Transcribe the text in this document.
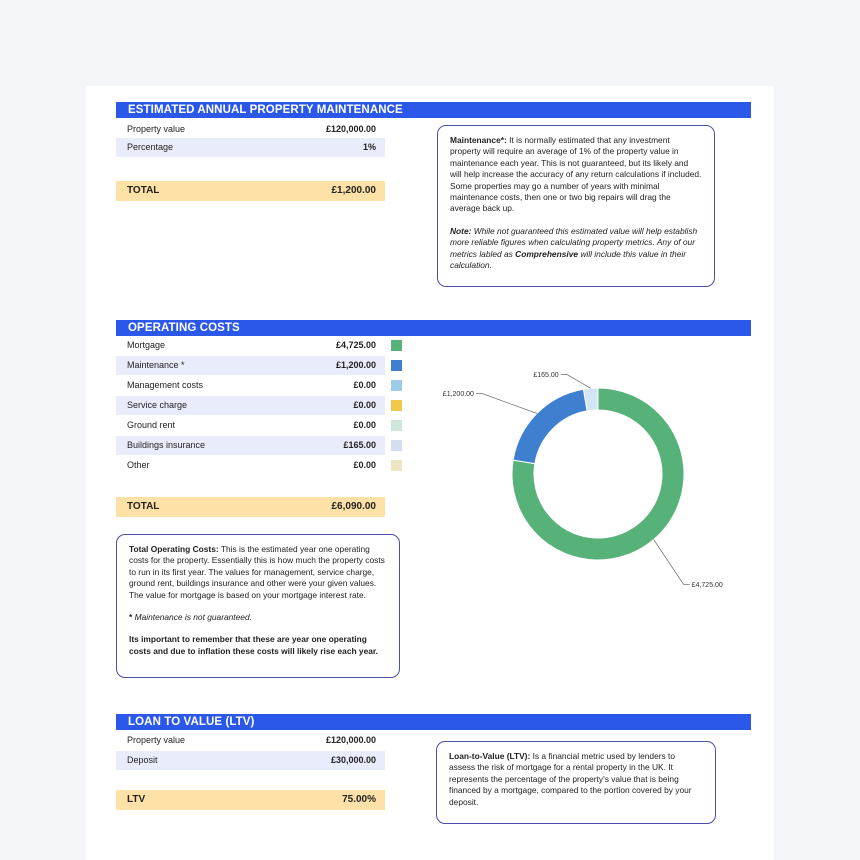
ESTIMATED ANNUAL PROPERTY MAINTENANCE
Property value	£120,000.00
Percentage	1%
TOTAL	£1,200.00

Maintenance*: It is normally estimated that any investment property will require an average of 1% of the property value in maintenance each year. This is not guaranteed, but its likely and will help increase the accuracy of any return calculations if included. Some properties may go a number of years with minimal maintenance costs, then one or two big repairs will drag the average back up.

Note: While not guaranteed this estimated value will help establish more reliable figures when calculating property metrics. Any of our metrics labled as Comprehensive will include this value in their calculation.

OPERATING COSTS
Mortgage	£4,725.00
Maintenance *	£1,200.00
Management costs	£0.00
Service charge	£0.00
Ground rent	£0.00
Buildings insurance	£165.00
Other	£0.00
TOTAL	£6,090.00

Total Operating Costs: This is the estimated year one operating costs for the property. Essentially this is how much the property costs to run in its first year. The values for management, service charge, ground rent, buildings insurance and other were your given values. The value for mortgage is based on your mortgage interest rate.

* Maintenance is not guaranteed.

Its important to remember that these are year one operating costs and due to inflation these costs will likely rise each year.

£4,725.00
£1,200.00
£165.00
LOAN TO VALUE (LTV)
Property value	£120,000.00
Deposit	£30,000.00
LTV	75.00%

Loan-to-Value (LTV): Is a financial metric used by lenders to assess the risk of mortgage for a rental property in the UK. It represents the percentage of the property's value that is being financed by a mortgage, compared to the portion covered by your deposit.
